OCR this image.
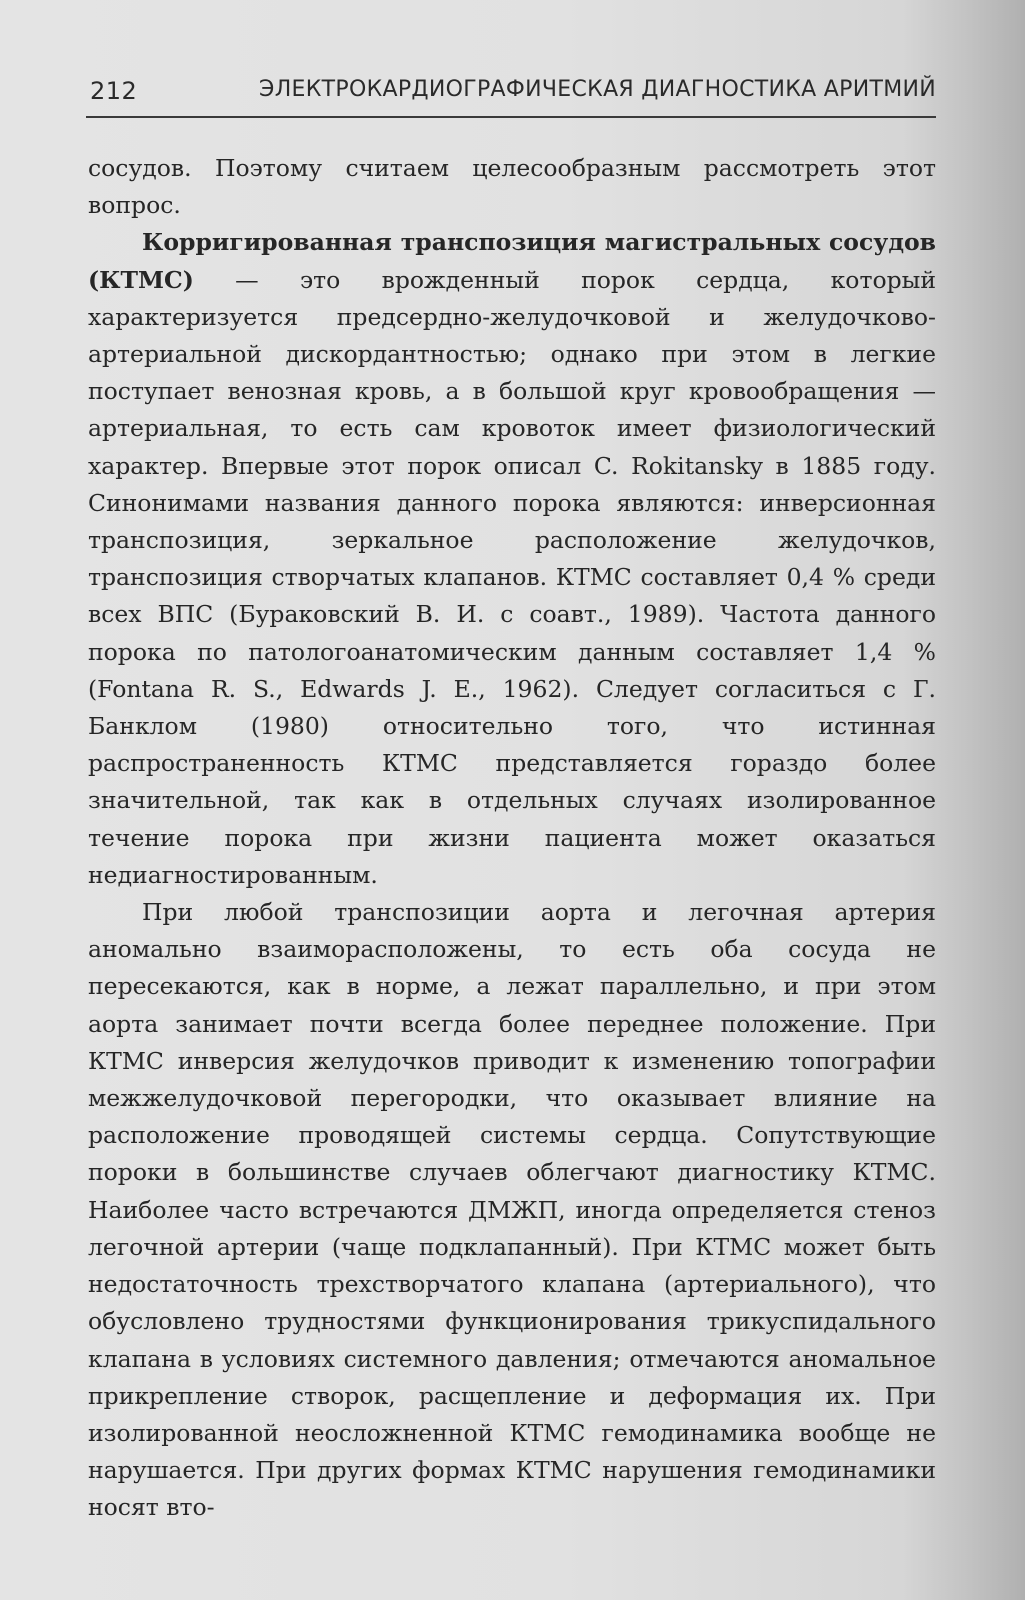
212	ЭЛЕКТРОКАРДИОГРАФИЧЕСКАЯ ДИАГНОСТИКА АРИТМИЙ

сосудов. Поэтому считаем целесообразным рассмотреть этот вопрос.

Корригированная транспозиция магистральных сосудов (КТМС) — это врожденный порок сердца, который характеризуется предсердно-желудочковой и желудочково-артериальной дискордантностью; однако при этом в легкие поступает венозная кровь, а в большой круг кровообращения — артериальная, то есть сам кровоток имеет физиологический характер. Впервые этот порок описал C. Rokitansky в 1885 году. Синонимами названия данного порока являются: инверсионная транспозиция, зеркальное расположение желудочков, транспозиция створчатых клапанов. КТМС составляет 0,4 % среди всех ВПС (Бураковский В. И. с соавт., 1989). Частота данного порока по патологоанатомическим данным составляет 1,4 % (Fontana R. S., Edwards J. E., 1962). Следует согласиться с Г. Банклом (1980) относительно того, что истинная распространенность КТМС представляется гораздо более значительной, так как в отдельных случаях изолированное течение порока при жизни пациента может оказаться недиагностированным.

При любой транспозиции аорта и легочная артерия аномально взаиморасположены, то есть оба сосуда не пересекаются, как в норме, а лежат параллельно, и при этом аорта занимает почти всегда более переднее положение. При КТМС инверсия желудочков приводит к изменению топографии межжелудочковой перегородки, что оказывает влияние на расположение проводящей системы сердца. Сопутствующие пороки в большинстве случаев облегчают диагностику КТМС. Наиболее часто встречаются ДМЖП, иногда определяется стеноз легочной артерии (чаще подклапанный). При КТМС может быть недостаточность трехстворчатого клапана (артериального), что обусловлено трудностями функционирования трикуспидального клапана в условиях системного давления; отмечаются аномальное прикрепление створок, расщепление и деформация их. При изолированной неосложненной КТМС гемодинамика вообще не нарушается. При других формах КТМС нарушения гемодинамики носят вто-
